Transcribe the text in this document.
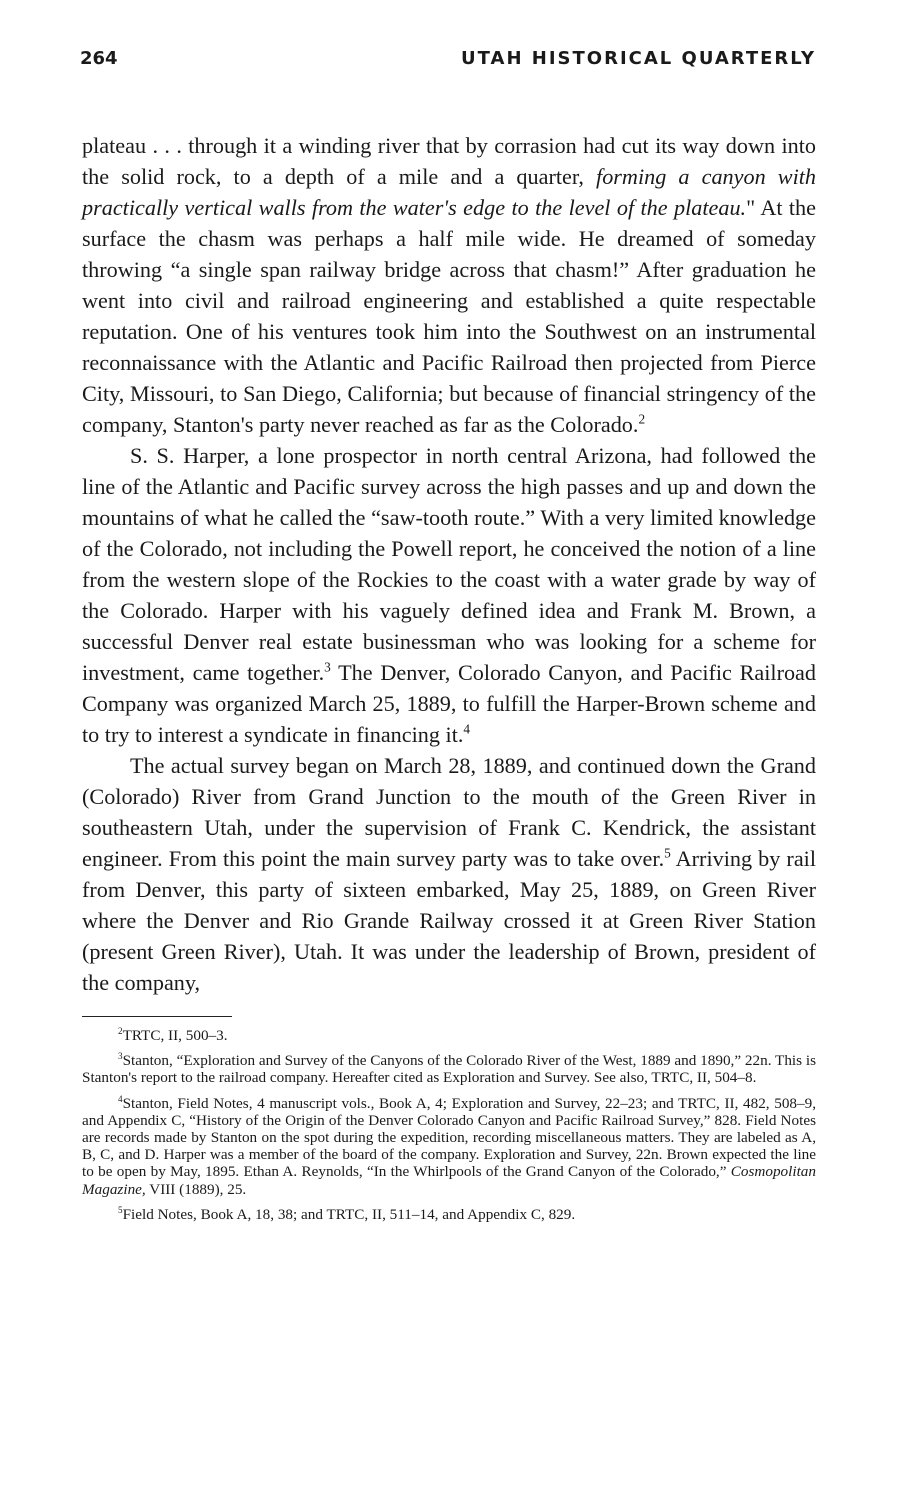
264	UTAH HISTORICAL QUARTERLY

plateau . . . through it a winding river that by corrasion had cut its way down into the solid rock, to a depth of a mile and a quarter, forming a canyon with practically vertical walls from the water's edge to the level of the plateau." At the surface the chasm was perhaps a half mile wide. He dreamed of someday throwing “a single span railway bridge across that chasm!” After graduation he went into civil and railroad engineering and established a quite respectable reputation. One of his ventures took him into the Southwest on an instrumental reconnaissance with the Atlantic and Pacific Railroad then projected from Pierce City, Missouri, to San Diego, California; but because of financial stringency of the company, Stanton's party never reached as far as the Colorado.$^2$

S. S. Harper, a lone prospector in north central Arizona, had followed the line of the Atlantic and Pacific survey across the high passes and up and down the mountains of what he called the “saw-tooth route.” With a very limited knowledge of the Colorado, not including the Powell report, he conceived the notion of a line from the western slope of the Rockies to the coast with a water grade by way of the Colorado. Harper with his vaguely defined idea and Frank M. Brown, a successful Denver real estate businessman who was looking for a scheme for investment, came together.$^3$ The Denver, Colorado Canyon, and Pacific Railroad Company was organized March 25, 1889, to fulfill the Harper-Brown scheme and to try to interest a syndicate in financing it.$^4$

The actual survey began on March 28, 1889, and continued down the Grand (Colorado) River from Grand Junction to the mouth of the Green River in southeastern Utah, under the supervision of Frank C. Kendrick, the assistant engineer. From this point the main survey party was to take over.$^5$ Arriving by rail from Denver, this party of sixteen embarked, May 25, 1889, on Green River where the Denver and Rio Grande Railway crossed it at Green River Station (present Green River), Utah. It was under the leadership of Brown, president of the company,

$^2$TRTC, II, 500–3.

$^3$Stanton, “Exploration and Survey of the Canyons of the Colorado River of the West, 1889 and 1890,” 22n. This is Stanton's report to the railroad company. Hereafter cited as Exploration and Survey. See also, TRTC, II, 504–8.

$^4$Stanton, Field Notes, 4 manuscript vols., Book A, 4; Exploration and Survey, 22–23; and TRTC, II, 482, 508–9, and Appendix C, “History of the Origin of the Denver Colorado Canyon and Pacific Railroad Survey,” 828. Field Notes are records made by Stanton on the spot during the expedition, recording miscellaneous matters. They are labeled as A, B, C, and D. Harper was a member of the board of the company. Exploration and Survey, 22n. Brown expected the line to be open by May, 1895. Ethan A. Reynolds, “In the Whirlpools of the Grand Canyon of the Colorado,” Cosmopolitan Magazine, VIII (1889), 25.

$^5$Field Notes, Book A, 18, 38; and TRTC, II, 511–14, and Appendix C, 829.
